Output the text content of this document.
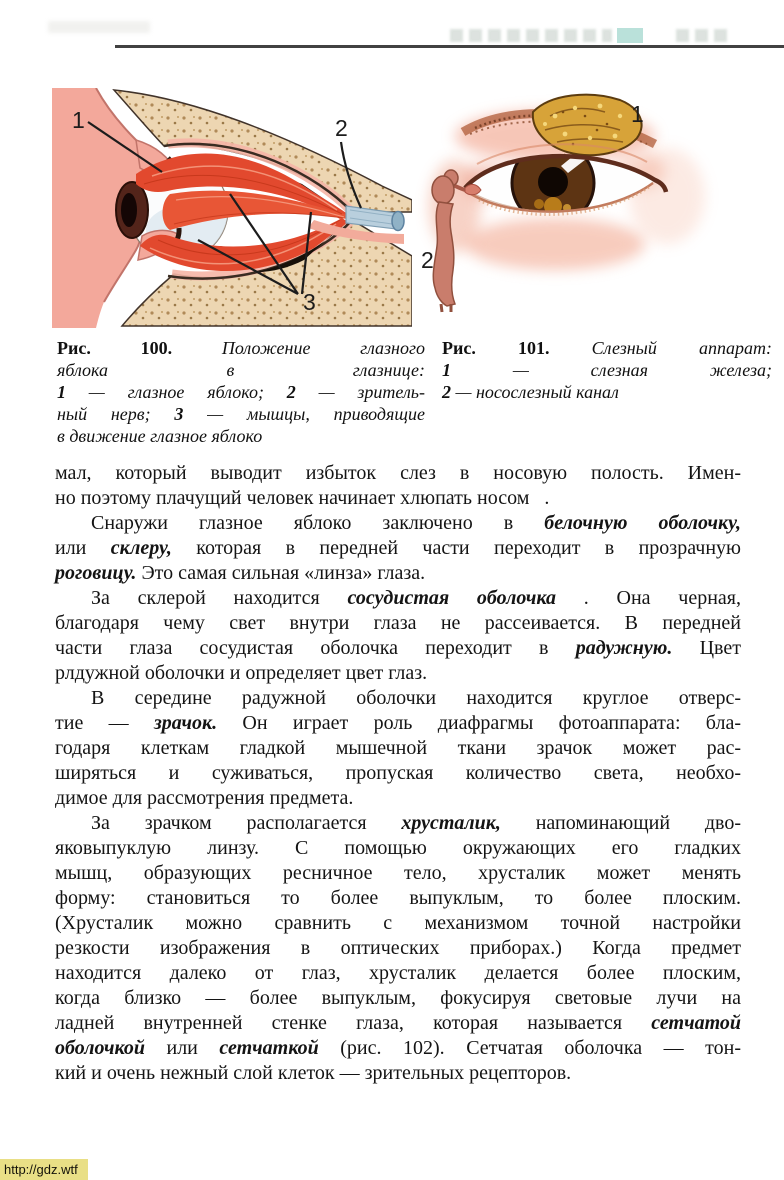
1	2
3
1
2
Рис. 100. Положение глазного
яблока в глазнице:
1 — глазное яблоко; 2 — зритель-
ный нерв; 3 — мышцы, приводящие
в движение глазное яблоко
Рис. 101. Слезный аппарат:
1 — слезная железа;
2 — носослезный канал
мал, который выводит избыток слез в носовую полость. Имен-
но поэтому плачущий человек начинает хлюпать носом   .
Снаружи глазное яблоко заключено в белочную оболочку,
или склеру, которая в передней части переходит в прозрачную
роговицу. Это самая сильная «линза» глаза.
За склерой находится сосудистая оболочка . Она черная,
благодаря чему свет внутри глаза не рассеивается. В передней
части глаза сосудистая оболочка переходит в радужную. Цвет
рлдужной оболочки и определяет цвет глаз.
В середине радужной оболочки находится круглое отверс-
тие — зрачок. Он играет роль диафрагмы фотоаппарата: бла-
годаря клеткам гладкой мышечной ткани зрачок может рас-
ширяться и суживаться, пропуская количество света, необхо-
димое для рассмотрения предмета.
За зрачком располагается хрусталик, напоминающий дво-
яковыпуклую линзу. С помощью окружающих его гладких
мышц, образующих ресничное тело, хрусталик может менять
форму: становиться то более выпуклым, то более плоским.
(Хрусталик можно сравнить с механизмом точной настройки
резкости изображения в оптических приборах.) Когда предмет
находится далеко от глаз, хрусталик делается более плоским,
когда близко — более выпуклым, фокусируя световые лучи на
ладней внутренней стенке глаза, которая называется сетчатой
оболочкой или сетчаткой (рис. 102). Сетчатая оболочка — тон-
кий и очень нежный слой клеток — зрительных рецепторов.
http://gdz.wtf
